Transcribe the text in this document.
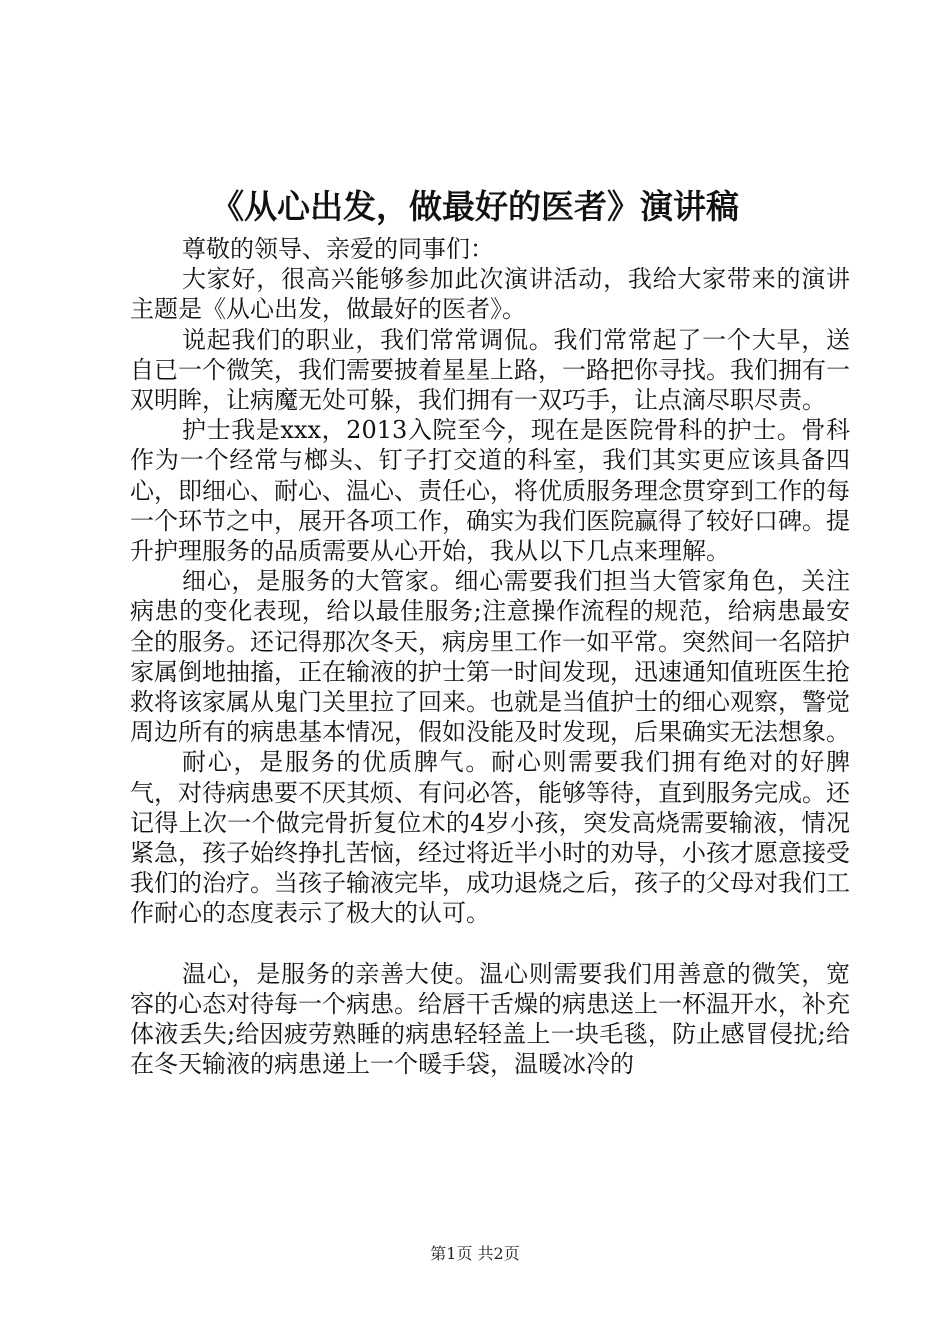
《从心出发，做最好的医者》演讲稿

尊敬的领导、亲爱的同事们：

大家好，很高兴能够参加此次演讲活动，我给大家带来的演讲主题是《从心出发，做最好的医者》。

说起我们的职业，我们常常调侃。我们常常起了一个大早，送自已一个微笑，我们需要披着星星上路，一路把你寻找。我们拥有一双明眸，让病魔无处可躲，我们拥有一双巧手，让点滴尽职尽责。

护士我是xxx，2013入院至今，现在是医院骨科的护士。骨科作为一个经常与榔头、钉子打交道的科室，我们其实更应该具备四心，即细心、耐心、温心、责任心，将优质服务理念贯穿到工作的每一个环节之中，展开各项工作，确实为我们医院赢得了较好口碑。提升护理服务的品质需要从心开始，我从以下几点来理解。

细心，是服务的大管家。细心需要我们担当大管家角色，关注病患的变化表现，给以最佳服务;注意操作流程的规范，给病患最安全的服务。还记得那次冬天，病房里工作一如平常。突然间一名陪护家属倒地抽搐，正在输液的护士第一时间发现，迅速通知值班医生抢救将该家属从鬼门关里拉了回来。也就是当值护士的细心观察，警觉周边所有的病患基本情况，假如没能及时发现，后果确实无法想象。

耐心，是服务的优质脾气。耐心则需要我们拥有绝对的好脾气，对待病患要不厌其烦、有问必答，能够等待，直到服务完成。还记得上次一个做完骨折复位术的4岁小孩，突发高烧需要输液，情况紧急，孩子始终挣扎苦恼，经过将近半小时的劝导，小孩才愿意接受我们的治疗。当孩子输液完毕，成功退烧之后，孩子的父母对我们工作耐心的态度表示了极大的认可。

温心，是服务的亲善大使。温心则需要我们用善意的微笑，宽容的心态对待每一个病患。给唇干舌燥的病患送上一杯温开水，补充体液丢失;给因疲劳熟睡的病患轻轻盖上一块毛毯，防止感冒侵扰;给在冬天输液的病患递上一个暖手袋，温暖冰冷的

第1页 共2页
